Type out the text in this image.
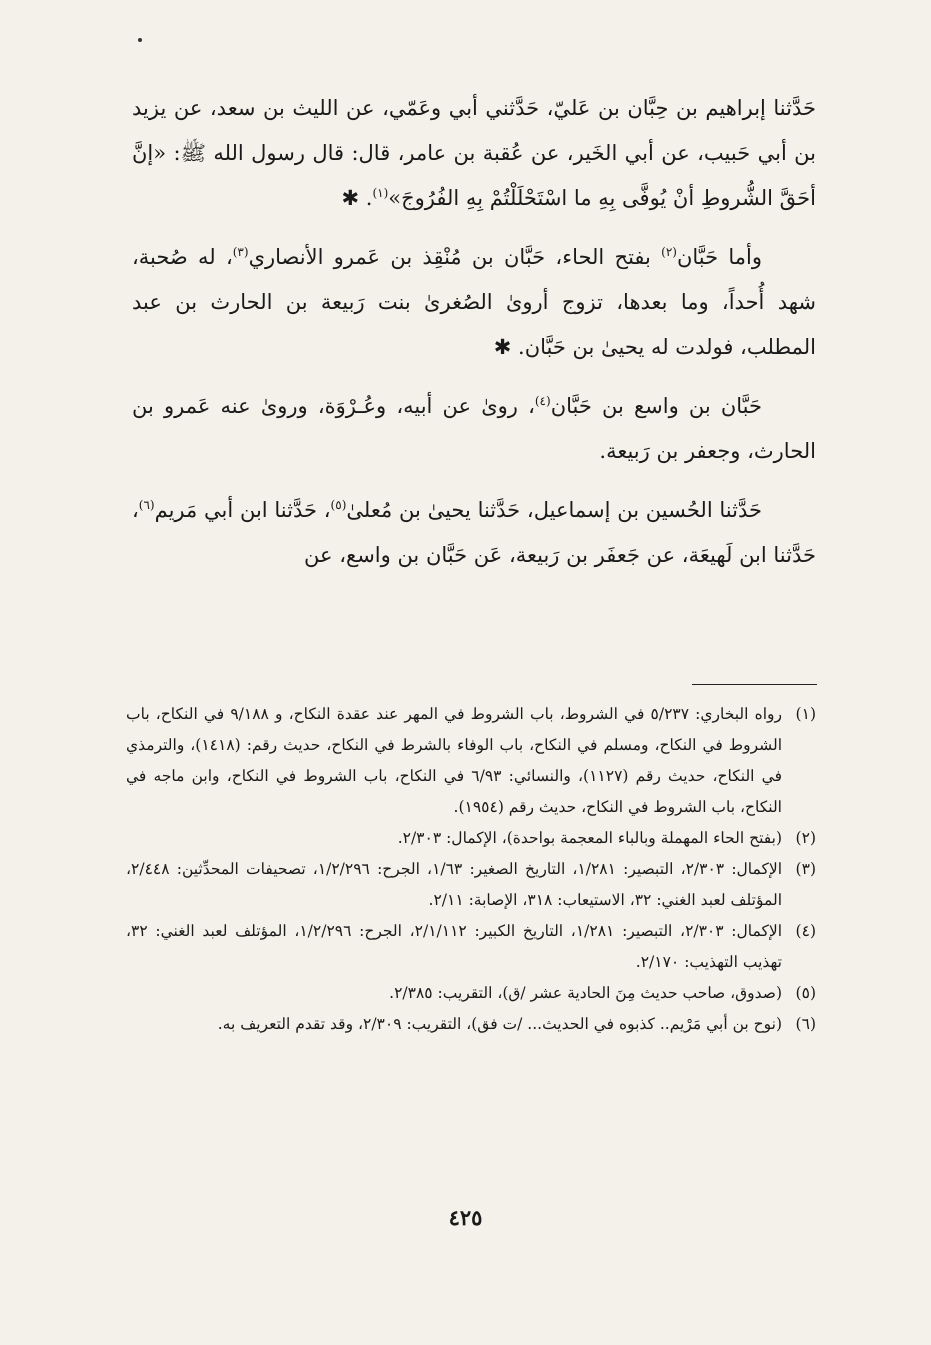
حَدَّثنا إبراهيم بن حِبَّان بن عَليّ، حَدَّثني أبي وعَمّي، عن الليث بن سعد، عن يزيد بن أبي حَبيب، عن أبي الخَير، عن عُقبة بن عامر، قال: قال رسول الله ﷺ: «إنَّ أحَقَّ الشُّروطِ أنْ يُوفَّى بِهِ ما اسْتَحْلَلْتُمْ بِهِ الفُرُوجَ»$^{(١)}$. ✱

وأما حَبَّان$^{(٢)}$ بفتح الحاء، حَبَّان بن مُنْقِذ بن عَمرو الأنصاري$^{(٣)}$، له صُحبة، شهد أُحداً، وما بعدها، تزوج أروىٰ الصُغرىٰ بنت رَبيعة بن الحارث بن عبد المطلب، فولدت له يحيىٰ بن حَبَّان. ✱

حَبَّان بن واسع بن حَبَّان$^{(٤)}$، روىٰ عن أبيه، وعُـرْوَة، وروىٰ عنه عَمرو بن الحارث، وجعفر بن رَبيعة.

حَدَّثنا الحُسين بن إسماعيل، حَدَّثنا يحيىٰ بن مُعلىٰ$^{(٥)}$، حَدَّثنا ابن أبي مَريم$^{(٦)}$، حَدَّثنا ابن لَهيعَة، عن جَعفَر بن رَبيعة، عَن حَبَّان بن واسع، عن

(١)
رواه البخاري: ٥/٢٣٧ في الشروط، باب الشروط في المهر عند عقدة النكاح، و ٩/١٨٨ في النكاح، باب الشروط في النكاح، ومسلم في النكاح، باب الوفاء بالشرط في النكاح، حديث رقم: (١٤١٨)، والترمذي في النكاح، حديث رقم (١١٢٧)، والنسائي: ٦/٩٣ في النكاح، باب الشروط في النكاح، وابن ماجه في النكاح، باب الشروط في النكاح، حديث رقم (١٩٥٤).
(٢)
(بفتح الحاء المهملة وبالباء المعجمة بواحدة)، الإكمال: ٢/٣٠٣.
(٣)
الإكمال: ٢/٣٠٣، التبصير: ١/٢٨١، التاريخ الصغير: ١/٦٣، الجرح: ١/٢/٢٩٦، تصحيفات المحدِّثين: ٢/٤٤٨، المؤتلف لعبد الغني: ٣٢، الاستيعاب: ٣١٨، الإصابة: ٢/١١.
(٤)
الإكمال: ٢/٣٠٣، التبصير: ١/٢٨١، التاريخ الكبير: ٢/١/١١٢، الجرح: ١/٢/٢٩٦، المؤتلف لعبد الغني: ٣٢، تهذيب التهذيب: ٢/١٧٠.
(٥)
(صدوق، صاحب حديث مِنَ الحادية عشر /ق)، التقريب: ٢/٣٨٥.
(٦)
(نوح بن أبي مَرْيم.. كذبوه في الحديث... /ت فق)، التقريب: ٢/٣٠٩، وقد تقدم التعريف به.
٤٢٥
